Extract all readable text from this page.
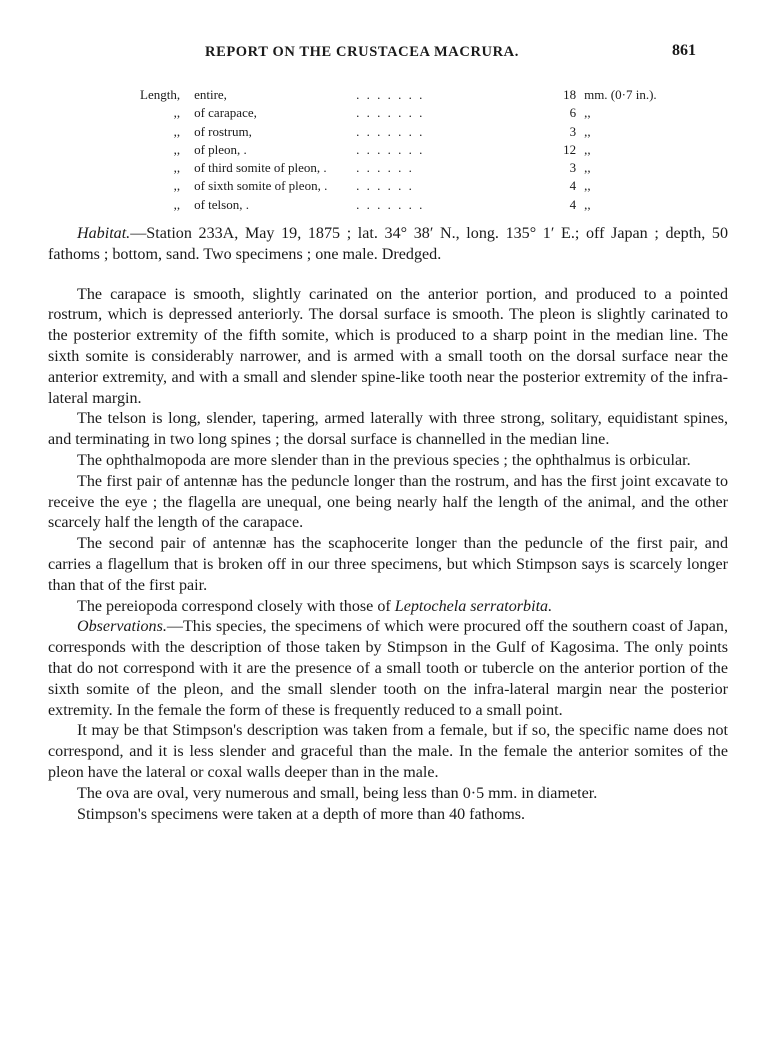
REPORT ON THE CRUSTACEA MACRURA.	861
Length,	entire,	. . . . . . .	18	mm. (0·7 in.).
,,	of carapace,	. . . . . . .	6	,,
,,	of rostrum,	. . . . . . .	3	,,
,,	of pleon, .	. . . . . . .	12	,,
,,	of third somite of pleon, .	. . . . . .	3	,,
,,	of sixth somite of pleon, .	. . . . . .	4	,,
,,	of telson, .	. . . . . . .	4	,,

Habitat.—Station 233A, May 19, 1875 ; lat. 34° 38′ N., long. 135° 1′ E.; off Japan ; depth, 50 fathoms ; bottom, sand. Two specimens ; one male. Dredged.

The carapace is smooth, slightly carinated on the anterior portion, and produced to a pointed rostrum, which is depressed anteriorly. The dorsal surface is smooth. The pleon is slightly carinated to the posterior extremity of the fifth somite, which is produced to a sharp point in the median line. The sixth somite is considerably narrower, and is armed with a small tooth on the dorsal surface near the anterior extremity, and with a small and slender spine-like tooth near the posterior extremity of the infra-lateral margin.

The telson is long, slender, tapering, armed laterally with three strong, solitary, equidistant spines, and terminating in two long spines ; the dorsal surface is channelled in the median line.

The ophthalmopoda are more slender than in the previous species ; the ophthalmus is orbicular.

The first pair of antennæ has the peduncle longer than the rostrum, and has the first joint excavate to receive the eye ; the flagella are unequal, one being nearly half the length of the animal, and the other scarcely half the length of the carapace.

The second pair of antennæ has the scaphocerite longer than the peduncle of the first pair, and carries a flagellum that is broken off in our three specimens, but which Stimpson says is scarcely longer than that of the first pair.

The pereiopoda correspond closely with those of Leptochela serratorbita.

Observations.—This species, the specimens of which were procured off the southern coast of Japan, corresponds with the description of those taken by Stimpson in the Gulf of Kagosima. The only points that do not correspond with it are the presence of a small tooth or tubercle on the anterior portion of the sixth somite of the pleon, and the small slender tooth on the infra-lateral margin near the posterior extremity. In the female the form of these is frequently reduced to a small point.

It may be that Stimpson's description was taken from a female, but if so, the specific name does not correspond, and it is less slender and graceful than the male. In the female the anterior somites of the pleon have the lateral or coxal walls deeper than in the male.

The ova are oval, very numerous and small, being less than 0·5 mm. in diameter.

Stimpson's specimens were taken at a depth of more than 40 fathoms.
